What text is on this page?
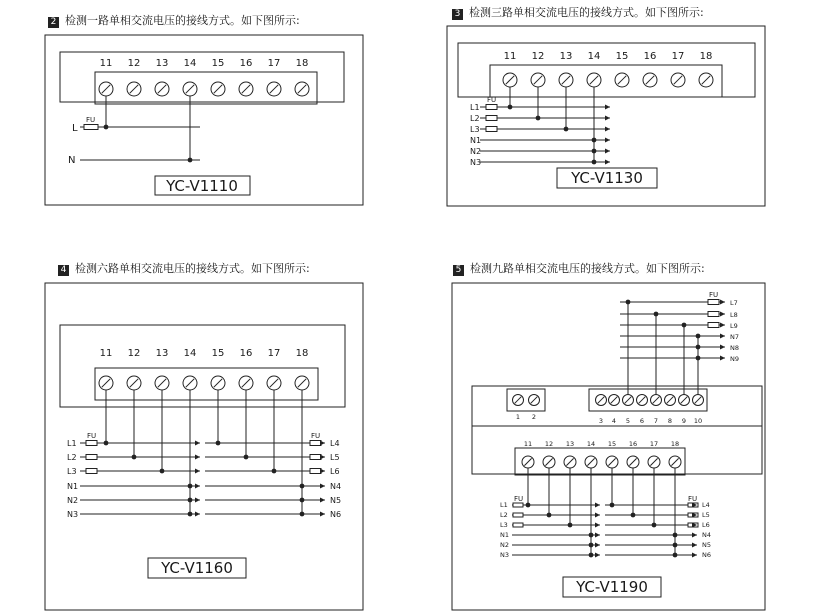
2 检测一路单相交流电压的接线方式。如下图所示:	3 检测三路单相交流电压的接线方式。如下图所示:
4 检测六路单相交流电压的接线方式。如下图所示:	5 检测九路单相交流电压的接线方式。如下图所示:
11 12 13 14 15 16 17 18
L
FU
N
YC-V1110
11 12 13 14 15 16 17 18
L1
L2
L3
FU
N1
N2
N3
YC-V1130
11 12 13 14 15 16 17 18
L1
L2
L3
N1
N2
N3
FU
L4
L5
L6
N4
N5
N6
FU
YC-V1160
L7
L8
L9
N7
N8
N9
FU
1 2	3 4 5 6 7 8 9 10
11 12 13 14 15 16 17 18
L1
L2
L3
N1
N2
N3
FU
L4
L5
L6
N4
N5
N6
FU
YC-V1190
